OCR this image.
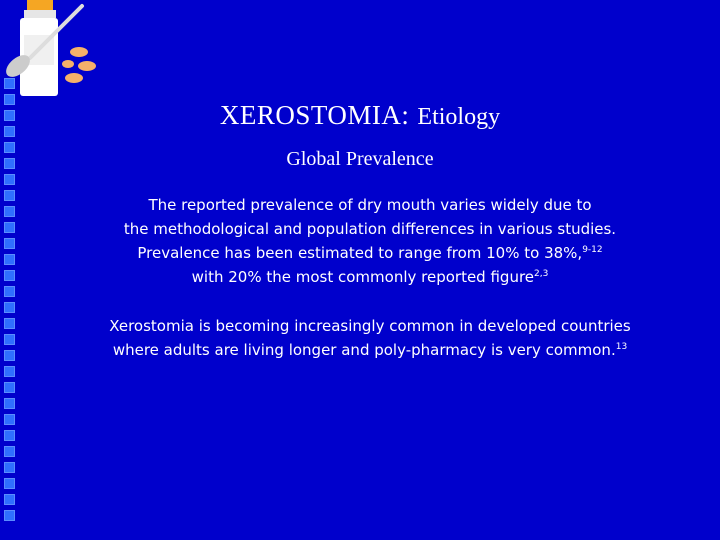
XEROSTOMIA: Etiology
Global Prevalence
The reported prevalence of dry mouth varies widely due to
the methodological and population differences in various studies.
Prevalence has been estimated to range from 10% to 38%,$^{9-12}$
with 20% the most commonly reported figure$^{2,3}$
Xerostomia is becoming increasingly common in developed countries
where adults are living longer and poly-pharmacy is very common.$^{13}$
